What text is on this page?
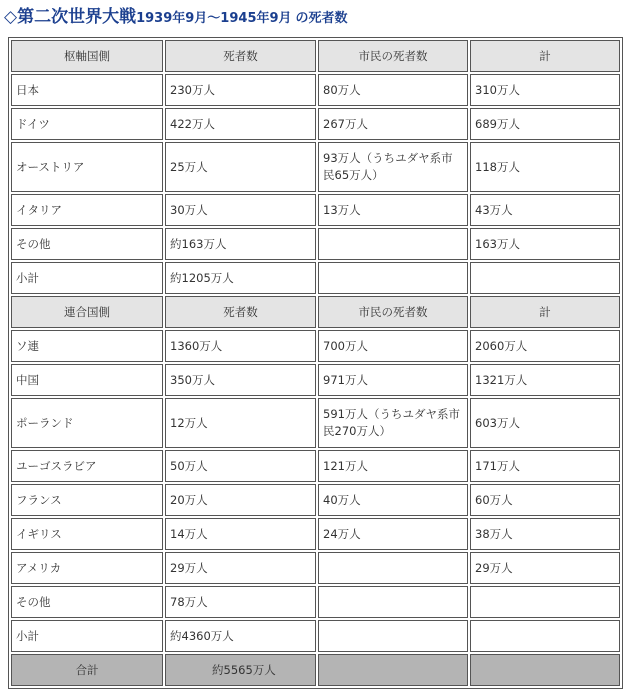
◇第二次世界大戦1939年9月～1945年9月 の死者数
枢軸国側	死者数	市民の死者数	計
日本	230万人	80万人	310万人
ドイツ	422万人	267万人	689万人
オーストリア	25万人	93万人（うちユダヤ系市民65万人）	118万人
イタリア	30万人	13万人	43万人
その他	約163万人		163万人
小計	約1205万人		
連合国側	死者数	市民の死者数	計
ソ連	1360万人	700万人	2060万人
中国	350万人	971万人	1321万人
ポーランド	12万人	591万人（うちユダヤ系市民270万人）	603万人
ユーゴスラビア	50万人	121万人	171万人
フランス	20万人	40万人	60万人
イギリス	14万人	24万人	38万人
アメリカ	29万人		29万人
その他	78万人		
小計	約4360万人		
合計	約5565万人		
